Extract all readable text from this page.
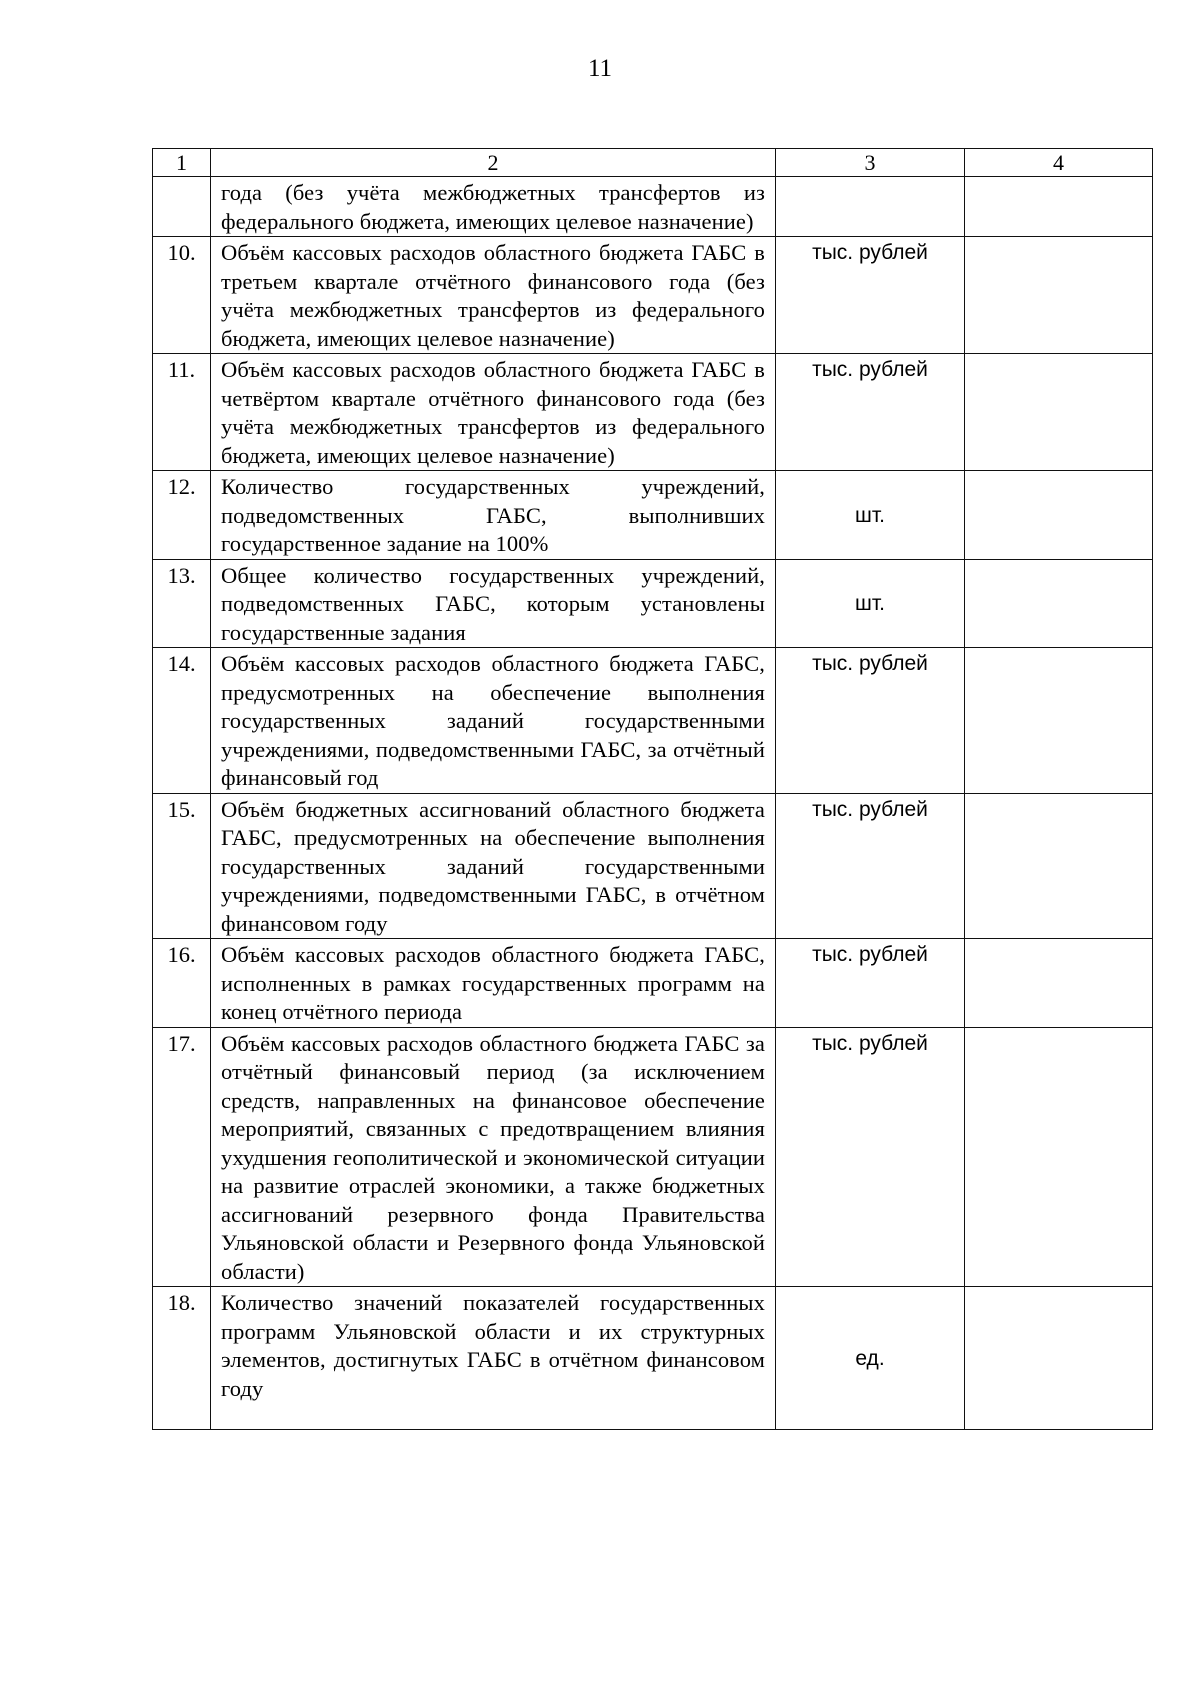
11
1	2	3	4

	года (без учёта межбюджетных трансфертов из федерального бюджета, имеющих целевое назначение)		

10.	Объём кассовых расходов областного бюджета ГАБС в третьем квартале отчётного финансового года (без учёта межбюджетных трансфертов из федерального бюджета, имеющих целевое назначение)	тыс. рублей	

11.	Объём кассовых расходов областного бюджета ГАБС в четвёртом квартале отчётного финансового года (без учёта межбюджетных трансфертов из федерального бюджета, имеющих целевое назначение)	тыс. рублей	

12.	Количество государственных учреждений, подведомственных ГАБС, выполнивших государственное задание на 100%	шт.	

13.	Общее количество государственных учреждений, подведомственных ГАБС, которым установлены государственные задания	шт.	

14.	Объём кассовых расходов областного бюджета ГАБС, предусмотренных на обеспечение выполнения государственных заданий государственными учреждениями, подведомственными ГАБС, за отчётный финансовый год	тыс. рублей	

15.	Объём бюджетных ассигнований областного бюджета ГАБС, предусмотренных на обеспечение выполнения государственных заданий государственными учреждениями, подведомственными ГАБС, в отчётном финансовом году	тыс. рублей	

16.	Объём кассовых расходов областного бюджета ГАБС, исполненных в рамках государственных программ на конец отчётного периода	тыс. рублей	

17.	Объём кассовых расходов областного бюджета ГАБС за отчётный финансовый период (за исключением средств, направленных на финансовое обеспечение мероприятий, связанных с предотвращением влияния ухудшения геополитической и экономической ситуации на развитие отраслей экономики, а также бюджетных ассигнований резервного фонда Правительства Ульяновской области и Резервного фонда Ульяновской области)	тыс. рублей	

18.	Количество значений показателей государственных программ Ульяновской области и их структурных элементов, достигнутых ГАБС в отчётном финансовом году	ед.	
